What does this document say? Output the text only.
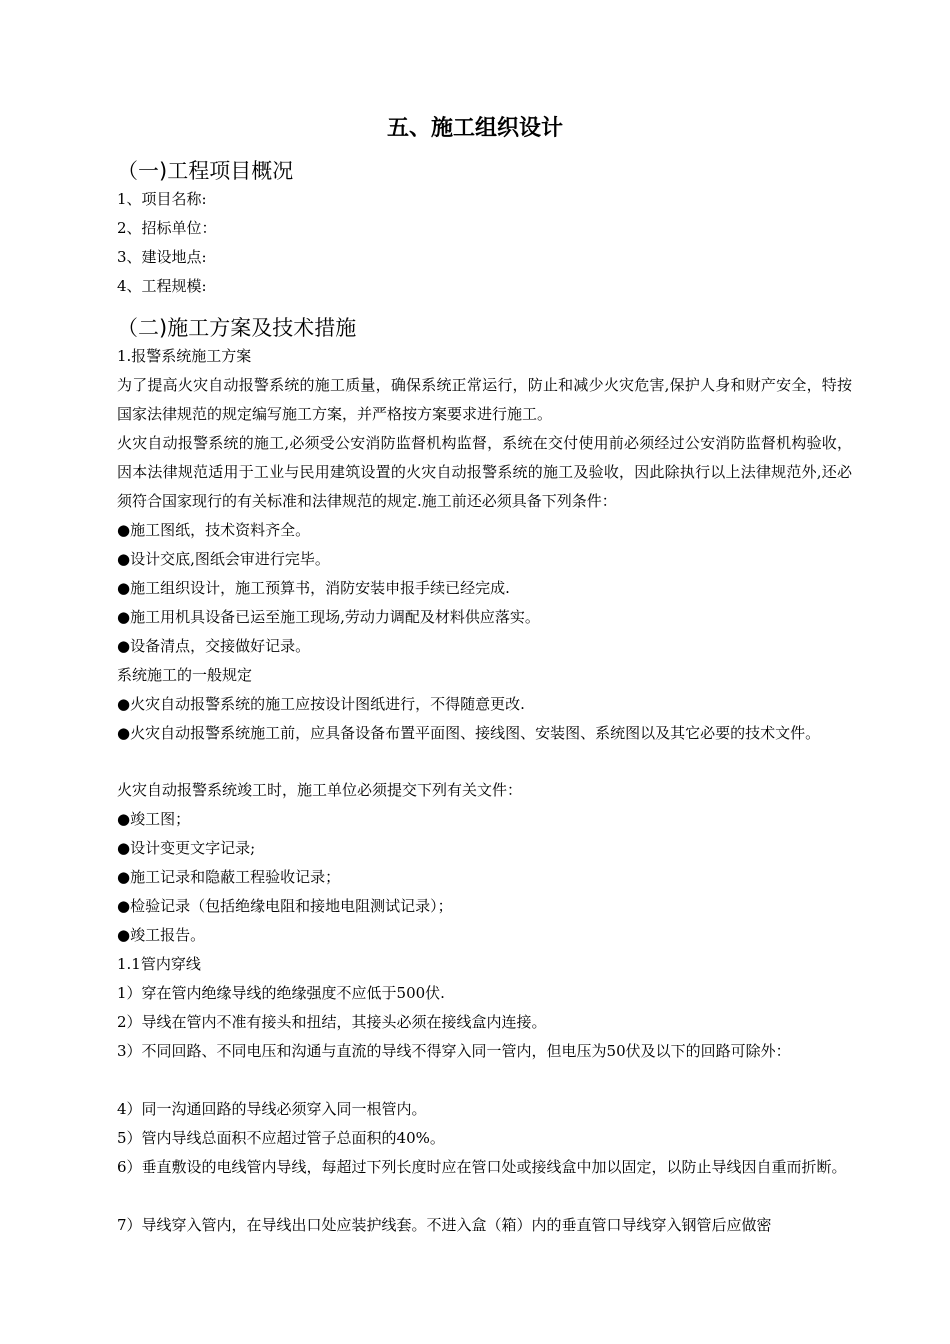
五、施工组织设计
（一)工程项目概况
1、项目名称:
2、招标单位：
3、建设地点:
4、工程规模:
（二)施工方案及技术措施
1.报警系统施工方案
为了提高火灾自动报警系统的施工质量，确保系统正常运行，防止和减少火灾危害,保护人身和财产安全，特按国家法律规范的规定编写施工方案，并严格按方案要求进行施工。
火灾自动报警系统的施工,必须受公安消防监督机构监督，系统在交付使用前必须经过公安消防监督机构验收，因本法律规范适用于工业与民用建筑设置的火灾自动报警系统的施工及验收，因此除执行以上法律规范外,还必须符合国家现行的有关标准和法律规范的规定.施工前还必须具备下列条件：
●施工图纸，技术资料齐全。
●设计交底,图纸会审进行完毕。
●施工组织设计，施工预算书，消防安装申报手续已经完成.
●施工用机具设备已运至施工现场,劳动力调配及材料供应落实。
●设备清点，交接做好记录。
系统施工的一般规定
●火灾自动报警系统的施工应按设计图纸进行，不得随意更改.
●火灾自动报警系统施工前，应具备设备布置平面图、接线图、安装图、系统图以及其它必要的技术文件。
火灾自动报警系统竣工时，施工单位必须提交下列有关文件：
●竣工图；
●设计变更文字记录;
●施工记录和隐蔽工程验收记录；
●检验记录（包括绝缘电阻和接地电阻测试记录）；
●竣工报告。
1.1管内穿线
1）穿在管内绝缘导线的绝缘强度不应低于500伏.
2）导线在管内不准有接头和扭结，其接头必须在接线盒内连接。
3）不同回路、不同电压和沟通与直流的导线不得穿入同一管内，但电压为50伏及以下的回路可除外：
4）同一沟通回路的导线必须穿入同一根管内。
5）管内导线总面积不应超过管子总面积的40%。
6）垂直敷设的电线管内导线，每超过下列长度时应在管口处或接线盒中加以固定，以防止导线因自重而折断。
7）导线穿入管内，在导线出口处应装护线套。不进入盒（箱）内的垂直管口导线穿入钢管后应做密
